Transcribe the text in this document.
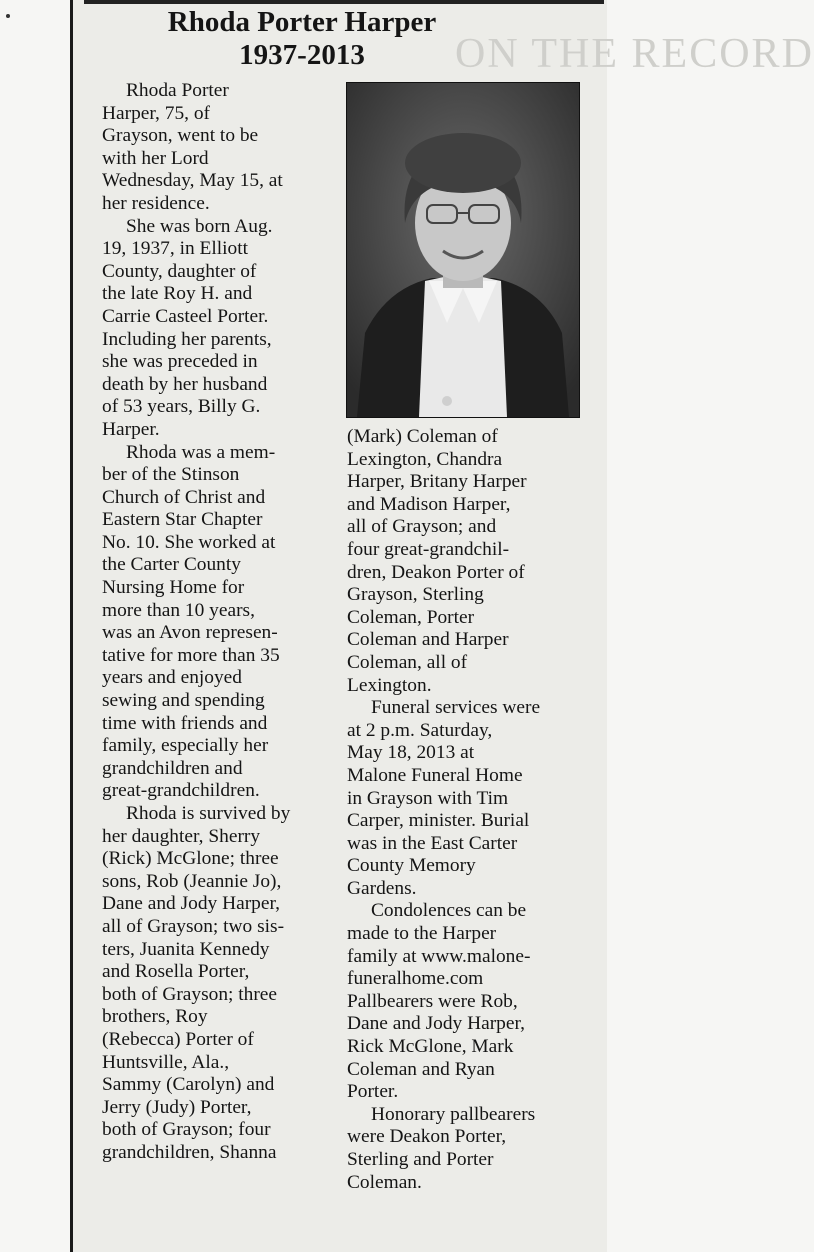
ON THE RECORD
Rhoda Porter Harper
1937-2013
Rhoda Porter
Harper, 75, of
Grayson, went to be
with her Lord
Wednesday, May 15, at
her residence.
She was born Aug.
19, 1937, in Elliott
County, daughter of
the late Roy H. and
Carrie Casteel Porter.
Including her parents,
she was preceded in
death by her husband
of 53 years, Billy G.
Harper.
Rhoda was a mem-
ber of the Stinson
Church of Christ and
Eastern Star Chapter
No. 10. She worked at
the Carter County
Nursing Home for
more than 10 years,
was an Avon represen-
tative for more than 35
years and enjoyed
sewing and spending
time with friends and
family, especially her
grandchildren and
great-grandchildren.
Rhoda is survived by
her daughter, Sherry
(Rick) McGlone; three
sons, Rob (Jeannie Jo),
Dane and Jody Harper,
all of Grayson; two sis-
ters, Juanita Kennedy
and Rosella Porter,
both of Grayson; three
brothers, Roy
(Rebecca) Porter of
Huntsville, Ala.,
Sammy (Carolyn) and
Jerry (Judy) Porter,
both of Grayson; four
grandchildren, Shanna
(Mark) Coleman of
Lexington, Chandra
Harper, Britany Harper
and Madison Harper,
all of Grayson; and
four great-grandchil-
dren, Deakon Porter of
Grayson, Sterling
Coleman, Porter
Coleman and Harper
Coleman, all of
Lexington.
Funeral services were
at 2 p.m. Saturday,
May 18, 2013 at
Malone Funeral Home
in Grayson with Tim
Carper, minister. Burial
was in the East Carter
County Memory
Gardens.
Condolences can be
made to the Harper
family at www.malone-
funeralhome.com
Pallbearers were Rob,
Dane and Jody Harper,
Rick McGlone, Mark
Coleman and Ryan
Porter.
Honorary pallbearers
were Deakon Porter,
Sterling and Porter
Coleman.
